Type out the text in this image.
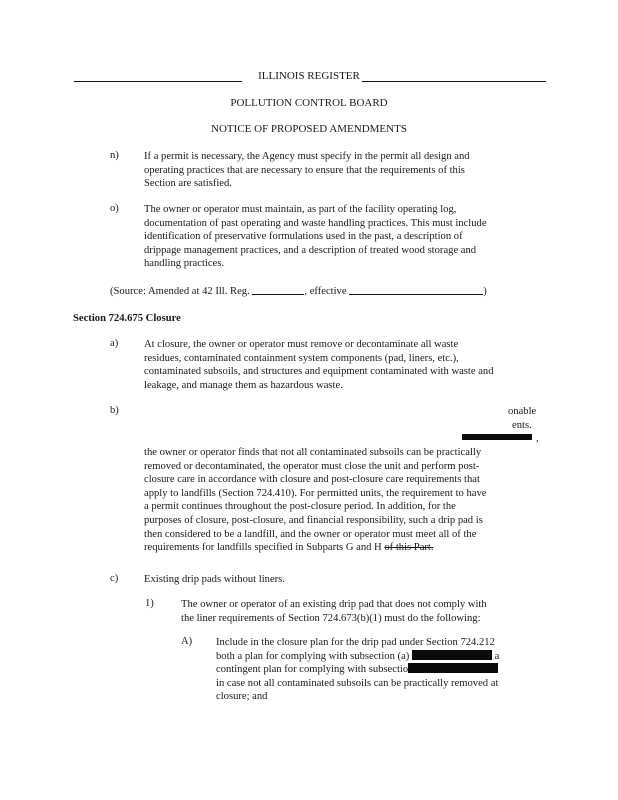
ILLINOIS REGISTER
POLLUTION CONTROL BOARD
NOTICE OF PROPOSED AMENDMENTS
n) If a permit is necessary, the Agency must specify in the permit all design and
operating practices that are necessary to ensure that the requirements of this
Section are satisfied.
o) The owner or operator must maintain, as part of the facility operating log,
documentation of past operating and waste handling practices. This must include
identification of preservative formulations used in the past, a description of
drippage management practices, and a description of treated wood storage and
handling practices.
(Source: Amended at 42 Ill. Reg.	, effective	)
Section 724.675 Closure
a) At closure, the owner or operator must remove or decontaminate all waste
residues, contaminated containment system components (pad, liners, etc.),
contaminated subsoils, and structures and equipment contaminated with waste and
leakage, and manage them as hazardous waste.
b)	onable
ents.
,
the owner or operator finds that not all contaminated subsoils can be practically
removed or decontaminated, the operator must close the unit and perform post-
closure care in accordance with closure and post-closure care requirements that
apply to landfills (Section 724.410). For permitted units, the requirement to have
a permit continues throughout the post-closure period. In addition, for the
purposes of closure, post-closure, and financial responsibility, such a drip pad is
then considered to be a landfill, and the owner or operator must meet all of the
requirements for landfills specified in Subparts G and H of this Part.
c) Existing drip pads without liners.
1)	The owner or operator of an existing drip pad that does not comply with
the liner requirements of Section 724.673(b)(1) must do the following:
A) Include in the closure plan for the drip pad under Section 724.212
both a plan for complying with subsection (a)	a
contingent plan for complying with subsectio
in case not all contaminated subsoils can be practically removed at
closure; and
